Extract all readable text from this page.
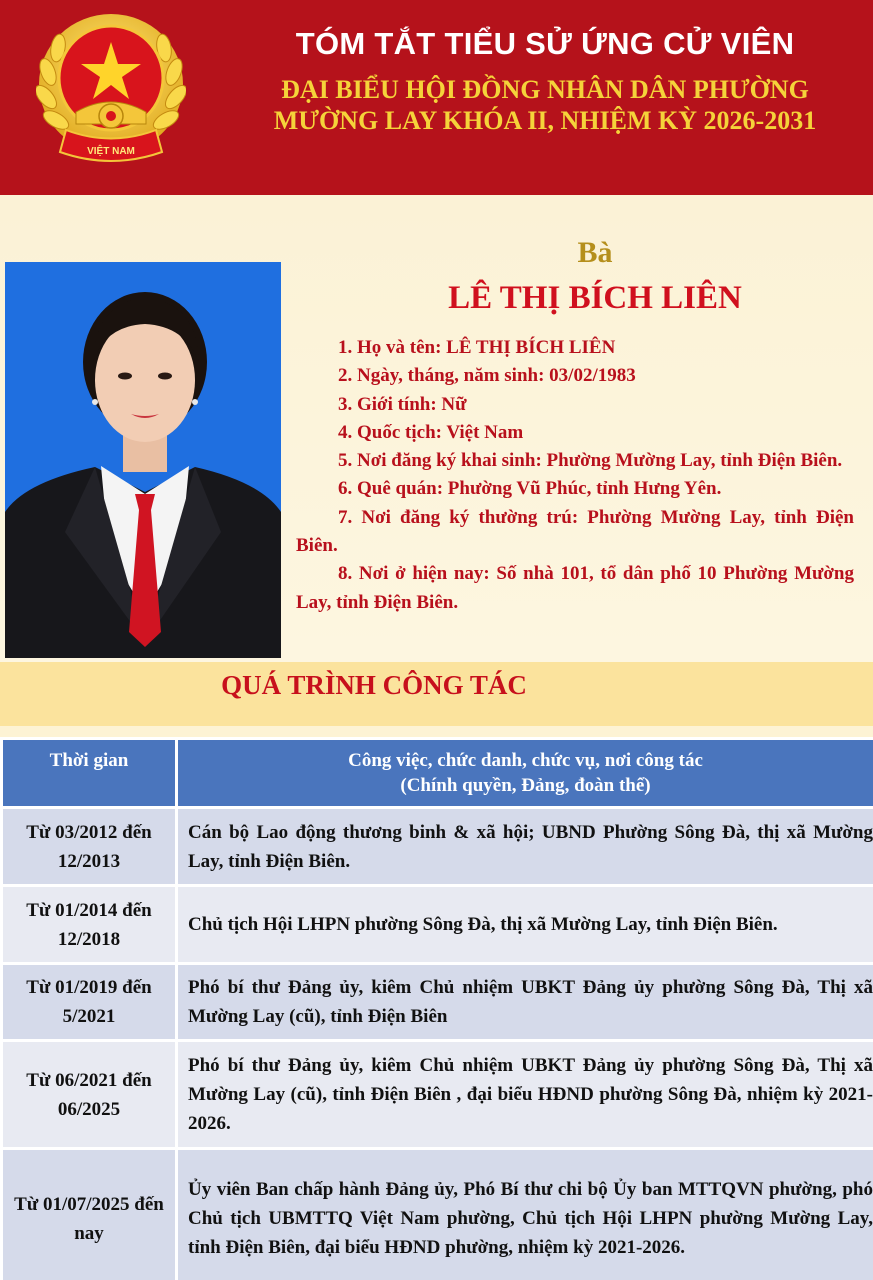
VIỆT NAM
TÓM TẮT TIỂU SỬ ỨNG CỬ VIÊN
ĐẠI BIỂU HỘI ĐỒNG NHÂN DÂN PHƯỜNG
MƯỜNG LAY KHÓA II, NHIỆM KỲ 2026-2031
Bà
LÊ THỊ BÍCH LIÊN

1. Họ và tên: LÊ THỊ BÍCH LIÊN

2. Ngày, tháng, năm sinh: 03/02/1983

3. Giới tính: Nữ

4. Quốc tịch: Việt Nam

5. Nơi đăng ký khai sinh: Phường Mường Lay, tỉnh Điện Biên.

6. Quê quán: Phường Vũ Phúc, tỉnh Hưng Yên.

7. Nơi đăng ký thường trú: Phường Mường Lay, tỉnh Điện Biên.

8. Nơi ở hiện nay: Số nhà 101, tổ dân phố 10 Phường Mường Lay, tỉnh Điện Biên.

QUÁ TRÌNH CÔNG TÁC
Thời gian	Công việc, chức danh, chức vụ, nơi công tác
(Chính quyền, Đảng, đoàn thể)

Từ 03/2012 đến 12/2013	Cán bộ Lao động thương binh & xã hội; UBND Phường Sông Đà, thị xã Mường Lay, tỉnh Điện Biên.
Từ 01/2014 đến 12/2018	Chủ tịch Hội LHPN phường Sông Đà, thị xã Mường Lay, tỉnh Điện Biên.
Từ 01/2019 đến 5/2021	Phó bí thư Đảng ủy, kiêm Chủ nhiệm UBKT Đảng ủy phường Sông Đà, Thị xã Mường Lay (cũ), tỉnh Điện Biên
Từ 06/2021 đến 06/2025	Phó bí thư Đảng ủy, kiêm Chủ nhiệm UBKT Đảng ủy phường Sông Đà, Thị xã Mường Lay (cũ), tỉnh Điện Biên , đại biểu HĐND phường Sông Đà, nhiệm kỳ 2021-2026.
Từ 01/07/2025 đến nay	Ủy viên Ban chấp hành Đảng ủy, Phó Bí thư chi bộ Ủy ban MTTQVN phường, phó Chủ tịch UBMTTQ Việt Nam phường, Chủ tịch Hội LHPN phường Mường Lay, tỉnh Điện Biên, đại biểu HĐND phường, nhiệm kỳ 2021-2026.
